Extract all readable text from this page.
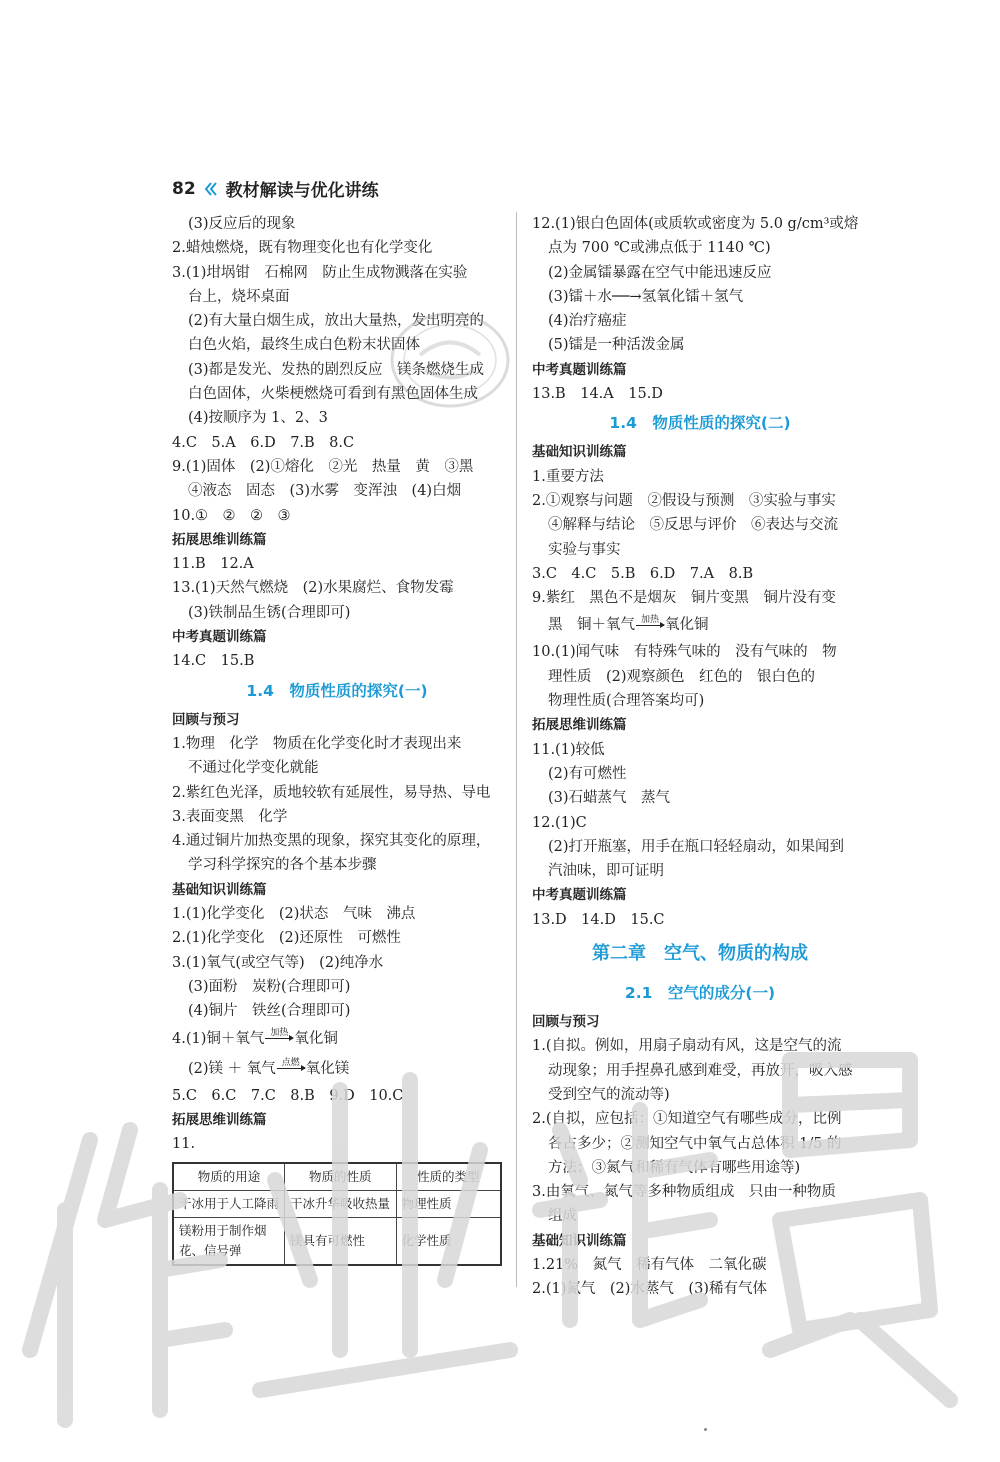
82 教材解读与优化讲练
(3)反应后的现象
2.蜡烛燃烧，既有物理变化也有化学变化
3.(1)坩埚钳　石棉网　防止生成物溅落在实验
台上，烧坏桌面
(2)有大量白烟生成，放出大量热，发出明亮的
白色火焰，最终生成白色粉末状固体
(3)都是发光、发热的剧烈反应　镁条燃烧生成
白色固体，火柴梗燃烧可看到有黑色固体生成
(4)按顺序为 1、2、3
4.C　5.A　6.D　7.B　8.C
9.(1)固体　(2)①熔化　②光　热量　黄　③黑
④液态　固态　(3)水雾　变浑浊　(4)白烟
10.①　②　②　③
拓展思维训练篇
11.B　12.A
13.(1)天然气燃烧　(2)水果腐烂、食物发霉
(3)铁制品生锈(合理即可)
中考真题训练篇
14.C　15.B
1.4　物质性质的探究(一)
回顾与预习
1.物理　化学　物质在化学变化时才表现出来
不通过化学变化就能
2.紫红色光泽，质地较软有延展性，易导热、导电
3.表面变黑　化学
4.通过铜片加热变黑的现象，探究其变化的原理，
学习科学探究的各个基本步骤
基础知识训练篇
1.(1)化学变化　(2)状态　气味　沸点
2.(1)化学变化　(2)还原性　可燃性
3.(1)氧气(或空气等)　(2)纯净水
(3)面粉　炭粉(合理即可)
(4)铜片　铁丝(合理即可)
4.(1)铜＋氧气 加热 氧化铜
(2)镁 ＋ 氧气 点燃 氧化镁
5.C　6.C　7.C　8.B　9.D　10.C
拓展思维训练篇
11.
物质的用途	物质的性质	性质的类型
干冰用于人工降雨	干冰升华吸收热量	物理性质
镁粉用于制作烟花、信号弹	镁具有可燃性	化学性质
12.(1)银白色固体(或质软或密度为 5.0 g/cm³或熔
点为 700 ℃或沸点低于 1140 ℃)
(2)金属镭暴露在空气中能迅速反应
(3)镭＋水──→氢氧化镭＋氢气
(4)治疗癌症
(5)镭是一种活泼金属
中考真题训练篇
13.B　14.A　15.D
1.4　物质性质的探究(二)
基础知识训练篇
1.重要方法
2.①观察与问题　②假设与预测　③实验与事实
④解释与结论　⑤反思与评价　⑥表达与交流
实验与事实
3.C　4.C　5.B　6.D　7.A　8.B
9.紫红　黑色不是烟灰　铜片变黑　铜片没有变
黑　铜＋氧气 加热 氧化铜
10.(1)闻气味　有特殊气味的　没有气味的　物
理性质　(2)观察颜色　红色的　银白色的
物理性质(合理答案均可)
拓展思维训练篇
11.(1)较低
(2)有可燃性
(3)石蜡蒸气　蒸气
12.(1)C
(2)打开瓶塞，用手在瓶口轻轻扇动，如果闻到
汽油味，即可证明
中考真题训练篇
13.D　14.D　15.C
第二章　空气、物质的构成
2.1　空气的成分(一)
回顾与预习
1.(自拟。例如，用扇子扇动有风，这是空气的流
动现象；用手捏鼻孔感到难受，再放开，吸入感
受到空气的流动等)
2.(自拟，应包括：①知道空气有哪些成分，比例
各占多少；②测知空气中氧气占总体积 1/5 的
方法；③氮气和稀有气体有哪些用途等)
3.由氧气、氮气等多种物质组成　只由一种物质
组成
基础知识训练篇
1.21%　氮气　稀有气体　二氧化碳
2.(1)氮气　(2)水蒸气　(3)稀有气体
